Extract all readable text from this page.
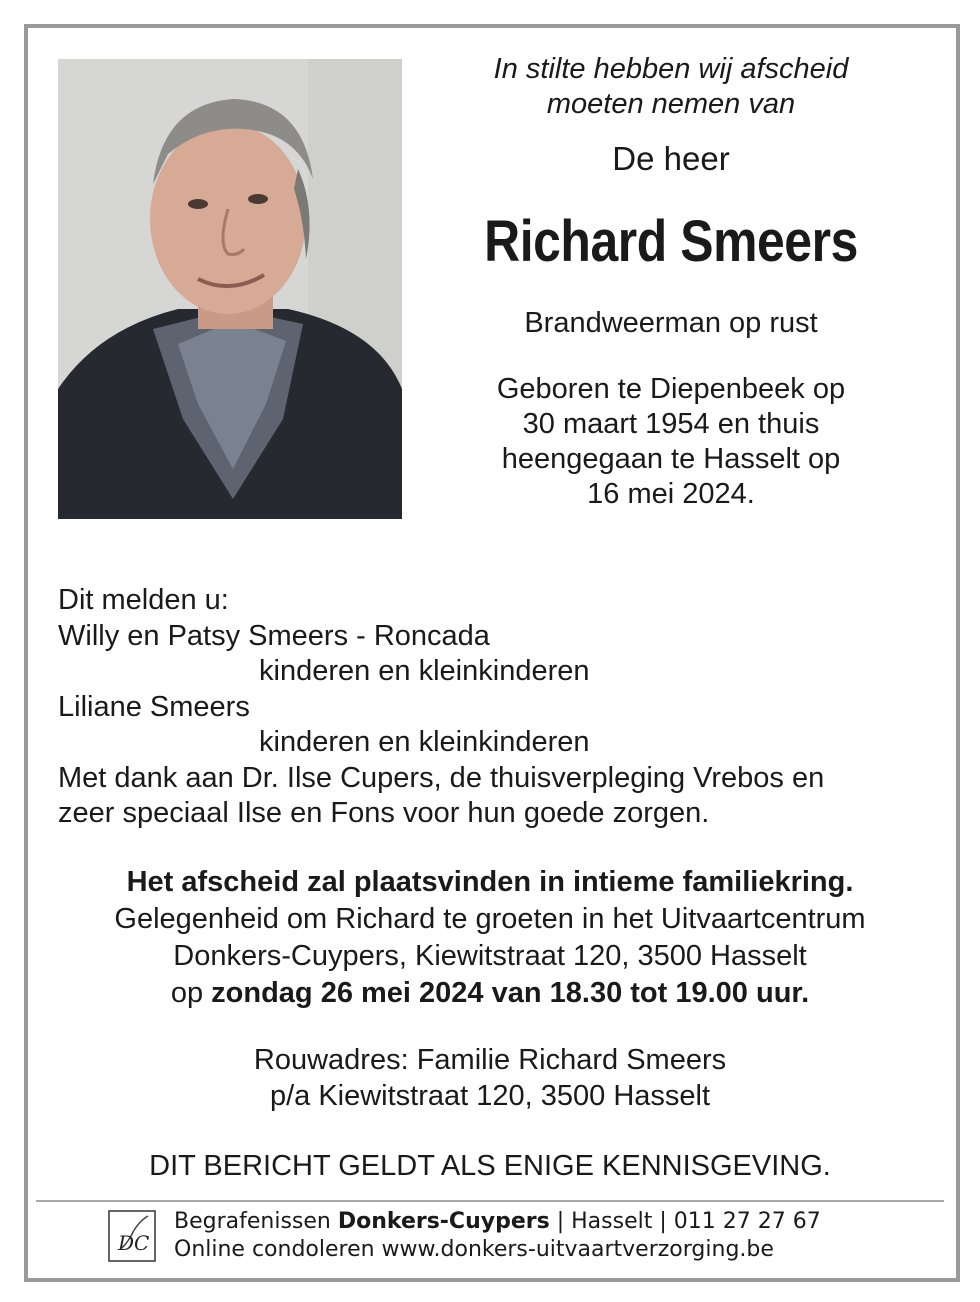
In stilte hebben wij afscheid
moeten nemen van
De heer
Richard Smeers
Brandweerman op rust
Geboren te Diepenbeek op
30 maart 1954 en thuis
heengegaan te Hasselt op
16 mei 2024.
Dit melden u:
Willy en Patsy Smeers - Roncada
kinderen en kleinkinderen
Liliane Smeers
kinderen en kleinkinderen
Met dank aan Dr. Ilse Cupers, de thuisverpleging Vrebos en
zeer speciaal Ilse en Fons voor hun goede zorgen.
Het afscheid zal plaatsvinden in intieme familiekring.
Gelegenheid om Richard te groeten in het Uitvaartcentrum
Donkers-Cuypers, Kiewitstraat 120, 3500 Hasselt
op zondag 26 mei 2024 van 18.30 tot 19.00 uur.
Rouwadres: Familie Richard Smeers
p/a Kiewitstraat 120, 3500 Hasselt
DIT BERICHT GELDT ALS ENIGE KENNISGEVING.
DC
Begrafenissen Donkers-Cuypers | Hasselt | 011 27 27 67
Online condoleren www.donkers-uitvaartverzorging.be
